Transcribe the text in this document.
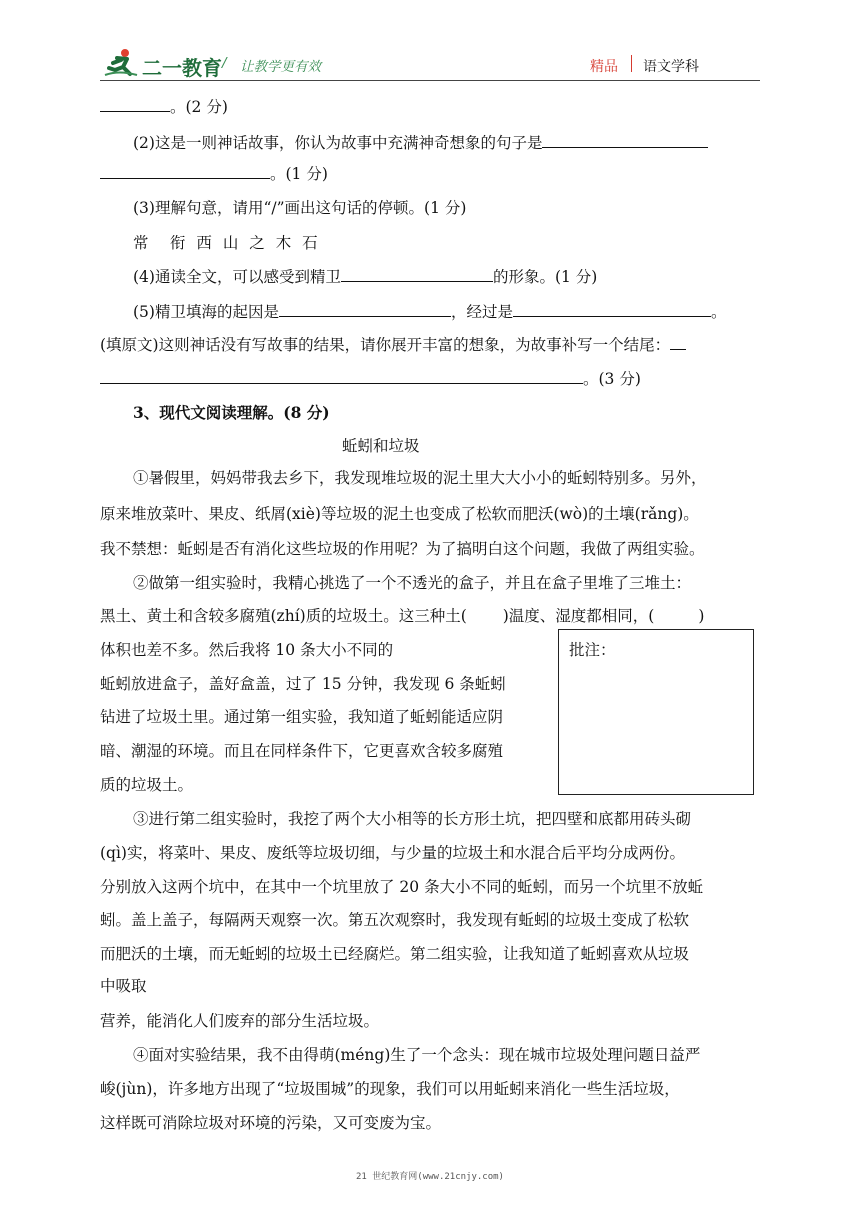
二一教育 / 让教学更有效	精品 语文学科
。(2 分)
(2)这是一则神话故事，你认为故事中充满神奇想象的句子是
。(1 分)
(3)理解句意，请用“/”画出这句话的停顿。(1 分)
常　衔 西 山 之 木 石
(4)通读全文，可以感受到精卫	的形象。(1 分)
(5)精卫填海的起因是	，经过是	。
(填原文)这则神话没有写故事的结果，请你展开丰富的想象，为故事补写一个结尾：
。(3 分)
3、现代文阅读理解。(8 分)
蚯蚓和垃圾
①暑假里，妈妈带我去乡下，我发现堆垃圾的泥土里大大小小的蚯蚓特别多。另外，
原来堆放菜叶、果皮、纸屑(xiè)等垃圾的泥土也变成了松软而肥沃(wò)的土壤(rǎng)。
我不禁想：蚯蚓是否有消化这些垃圾的作用呢？为了搞明白这个问题，我做了两组实验。
②做第一组实验时，我精心挑选了一个不透光的盒子，并且在盒子里堆了三堆土：
黑土、黄土和含较多腐殖(zhí)质的垃圾土。这三种土( )温度、湿度都相同，(	)
体积也差不多。然后我将 10 条大小不同的
蚯蚓放进盒子，盖好盒盖，过了 15 分钟，我发现 6 条蚯蚓
钻进了垃圾土里。通过第一组实验，我知道了蚯蚓能适应阴
暗、潮湿的环境。而且在同样条件下，它更喜欢含较多腐殖
质的垃圾土。
批注：
③进行第二组实验时，我挖了两个大小相等的长方形土坑，把四壁和底都用砖头砌
(qì)实，将菜叶、果皮、废纸等垃圾切细，与少量的垃圾土和水混合后平均分成两份。
分别放入这两个坑中，在其中一个坑里放了 20 条大小不同的蚯蚓，而另一个坑里不放蚯
蚓。盖上盖子，每隔两天观察一次。第五次观察时，我发现有蚯蚓的垃圾土变成了松软
而肥沃的土壤，而无蚯蚓的垃圾土已经腐烂。第二组实验，让我知道了蚯蚓喜欢从垃圾
中吸取
营养，能消化人们废弃的部分生活垃圾。
④面对实验结果，我不由得萌(méng)生了一个念头：现在城市垃圾处理问题日益严
峻(jùn)，许多地方出现了“垃圾围城”的现象，我们可以用蚯蚓来消化一些生活垃圾，
这样既可消除垃圾对环境的污染，又可变废为宝。
21 世纪教育网(www.21cnjy.com)
